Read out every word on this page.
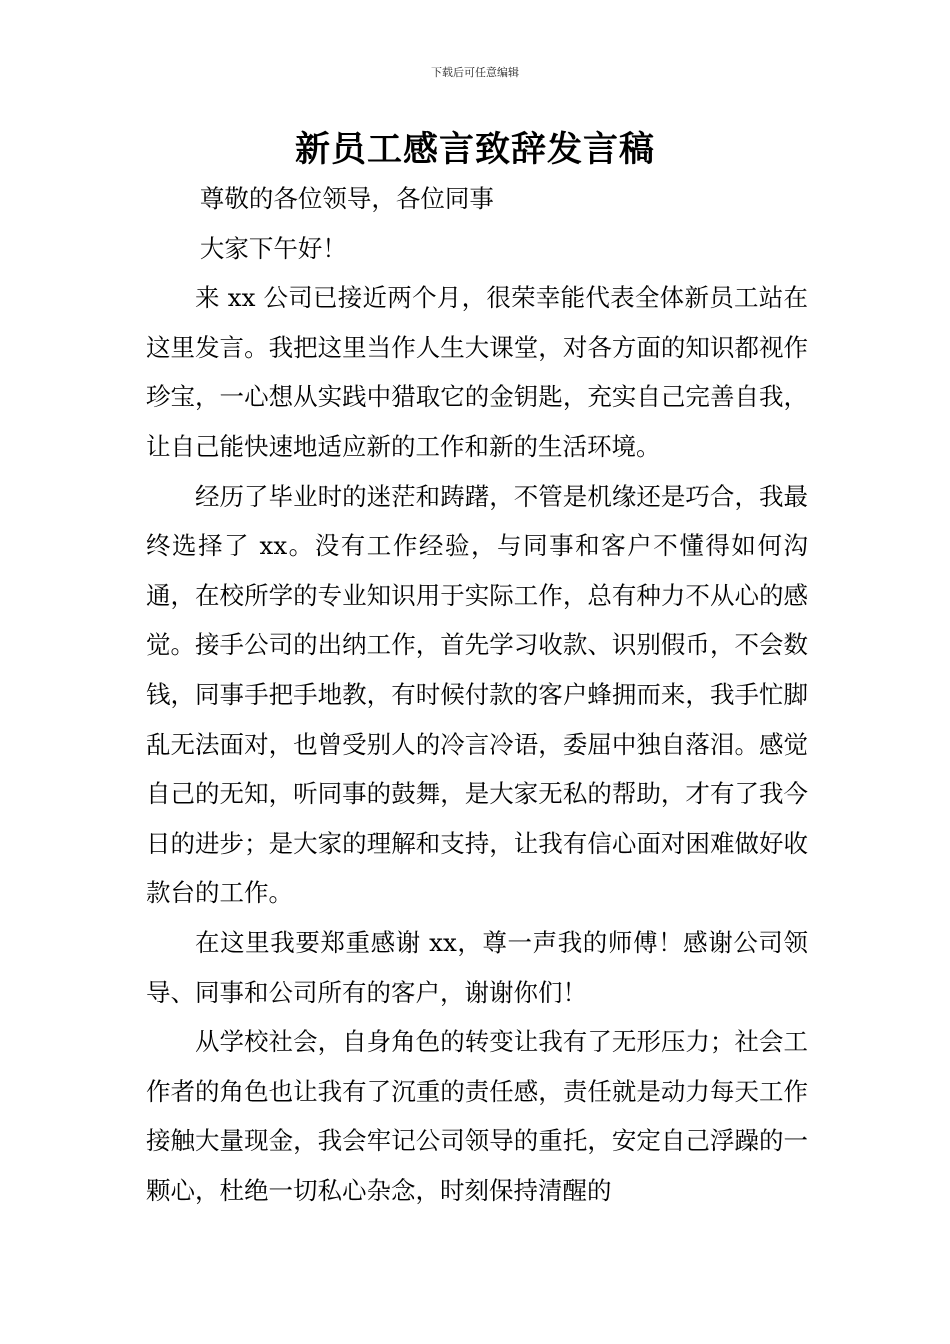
下载后可任意编辑
新员工感言致辞发言稿

尊敬的各位领导，各位同事

大家下午好！

来 xx 公司已接近两个月，很荣幸能代表全体新员工站在这里发言。我把这里当作人生大课堂，对各方面的知识都视作珍宝，一心想从实践中猎取它的金钥匙，充实自己完善自我，让自己能快速地适应新的工作和新的生活环境。

经历了毕业时的迷茫和踌躇，不管是机缘还是巧合，我最终选择了 xx。没有工作经验，与同事和客户不懂得如何沟通，在校所学的专业知识用于实际工作，总有种力不从心的感觉。接手公司的出纳工作，首先学习收款、识别假币，不会数钱，同事手把手地教，有时候付款的客户蜂拥而来，我手忙脚乱无法面对，也曾受别人的冷言冷语，委屈中独自落泪。感觉自己的无知，听同事的鼓舞，是大家无私的帮助，才有了我今日的进步；是大家的理解和支持，让我有信心面对困难做好收款台的工作。

在这里我要郑重感谢 xx，尊一声我的师傅！感谢公司领导、同事和公司所有的客户，谢谢你们！

从学校社会，自身角色的转变让我有了无形压力；社会工作者的角色也让我有了沉重的责任感，责任就是动力每天工作接触大量现金，我会牢记公司领导的重托，安定自己浮躁的一颗心，杜绝一切私心杂念，时刻保持清醒的
